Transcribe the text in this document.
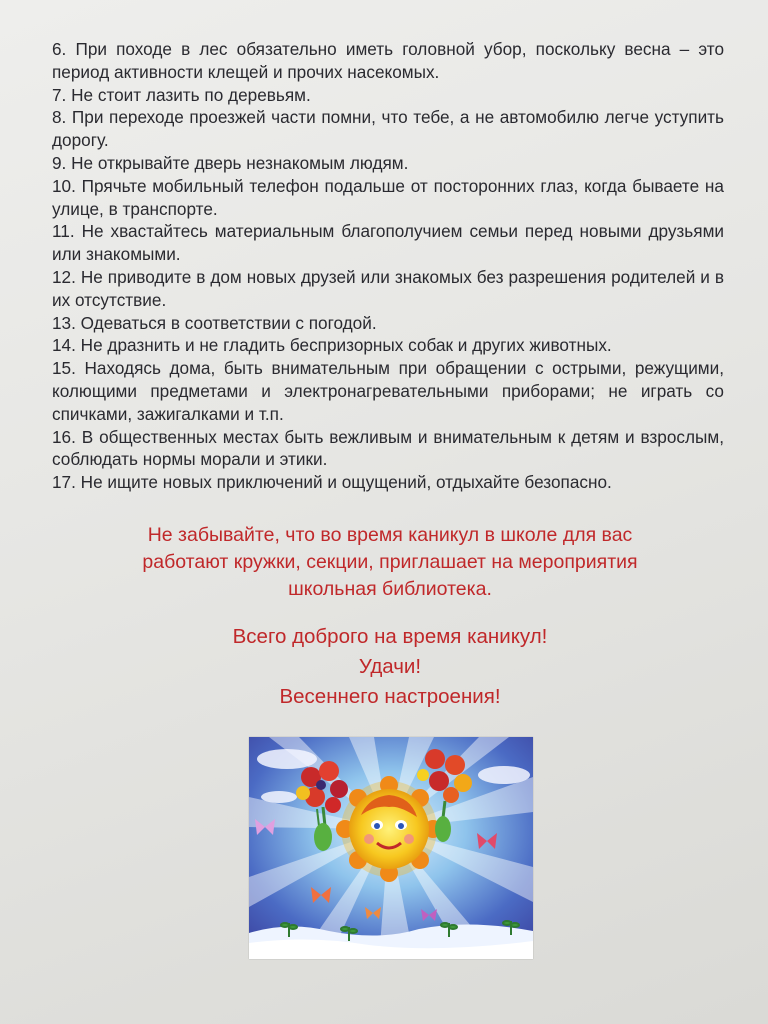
6. При походе в лес обязательно иметь головной убор, поскольку весна – это период активности клещей и прочих насекомых.
7. Не стоит лазить по деревьям.
8. При переходе проезжей части помни, что тебе, а не автомобилю легче уступить дорогу.
9. Не открывайте дверь незнакомым людям.
10. Прячьте мобильный телефон подальше от посторонних глаз, когда бываете на улице, в транспорте.
11. Не хвастайтесь материальным благополучием семьи перед новыми друзьями или знакомыми.
12. Не приводите в дом новых друзей или знакомых без разрешения родителей и в их отсутствие.
13. Одеваться в соответствии с погодой.
14. Не дразнить и не гладить беспризорных собак и других животных.
15. Находясь дома, быть внимательным при обращении с острыми, режущими, колющими предметами и электронагревательными приборами; не играть со спичками, зажигалками и т.п.
16. В общественных местах быть вежливым и внимательным к детям и взрослым, соблюдать нормы морали и этики.
17. Не ищите новых приключений и ощущений, отдыхайте безопасно.

Не забывайте, что во время каникул в школе для вас

работают кружки, секции, приглашает на мероприятия

школьная библиотека.

Всего доброго на время каникул!

Удачи!

Весеннего настроения!
